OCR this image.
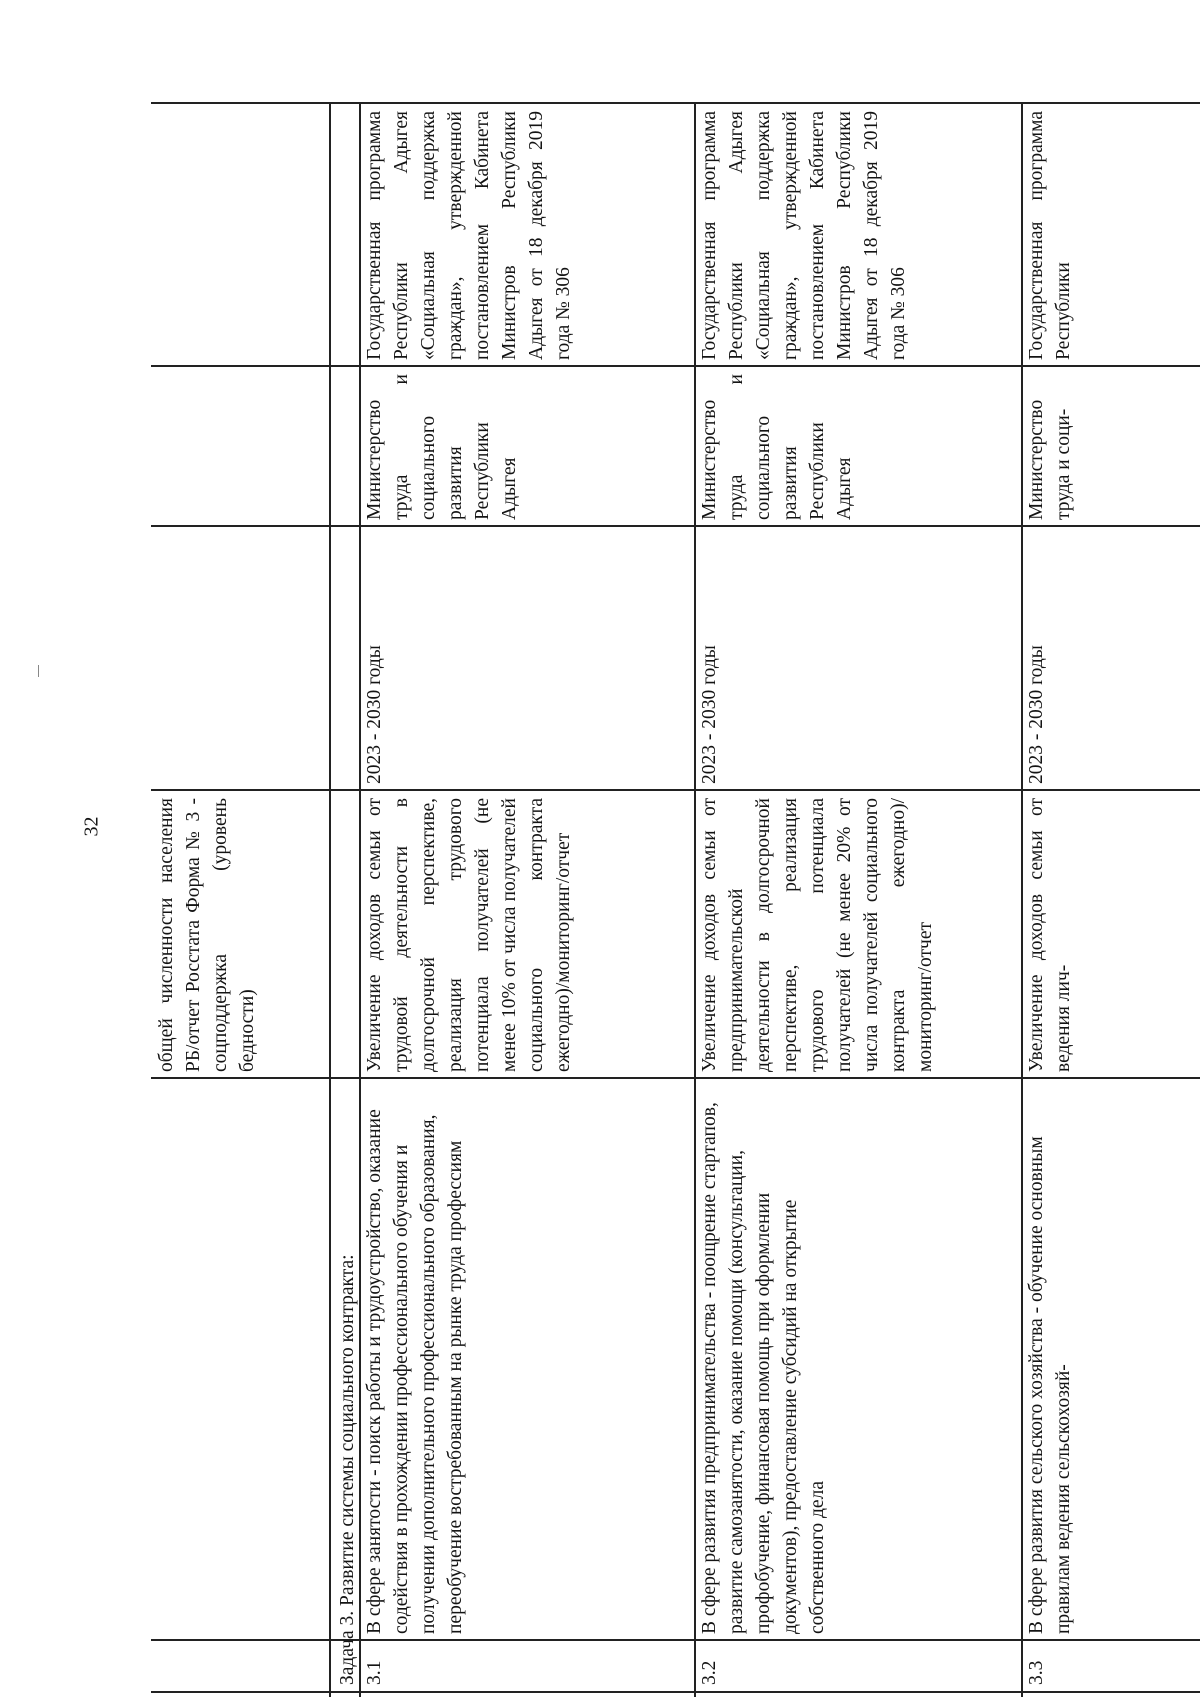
32	общей численности населения РБ/отчет Росстата Форма № 3 - соцподдержка (уровень бедности)
Задача 3. Развитие системы социального контракта: 3.1
В сфере занятости - поиск работы и трудоустройство, оказание содействия в прохождении профессионального обучения и получении дополнительного профессионального образования, переобучение востребованным на рынке труда профессиям
Увеличение доходов семьи от трудовой деятельности в долгосрочной перспективе, реализация трудового потенциала получателей (не менее 10% от числа получателей социального контракта ежегодно)/мониторинг/отчет
2023 - 2030 годы
Министерство труда и социального развития Республики Адыгея
Государственная программа Республики Адыгея «Социальная поддержка граждан», утвержденной постановлением Кабинета Министров Республики Адыгея от 18 декабря 2019 года № 306
3.2
В сфере развития предпринимательства - поощрение стартапов, развитие самозанятости, оказание помощи (консультации, профобучение, финансовая помощь при оформлении документов), предоставление субсидий на открытие собственного дела
Увеличение доходов семьи от предпринимательской деятельности в долгосрочной перспективе, реализация трудового потенциала получателей (не менее 20% от числа получателей социального контракта ежегодно)/мониторинг/отчет
2023 - 2030 годы
Министерство труда и социального развития Республики Адыгея
Государственная программа Республики Адыгея «Социальная поддержка граждан», утвержденной постановлением Кабинета Министров Республики Адыгея от 18 декабря 2019 года № 306
3.3
В сфере развития сельского хозяйства - обучение основным правилам ведения сельскохозяй-
Увеличение доходов семьи от ведения лич-
2023 - 2030 годы
Министерство труда и соци-
Государственная программа Республики
